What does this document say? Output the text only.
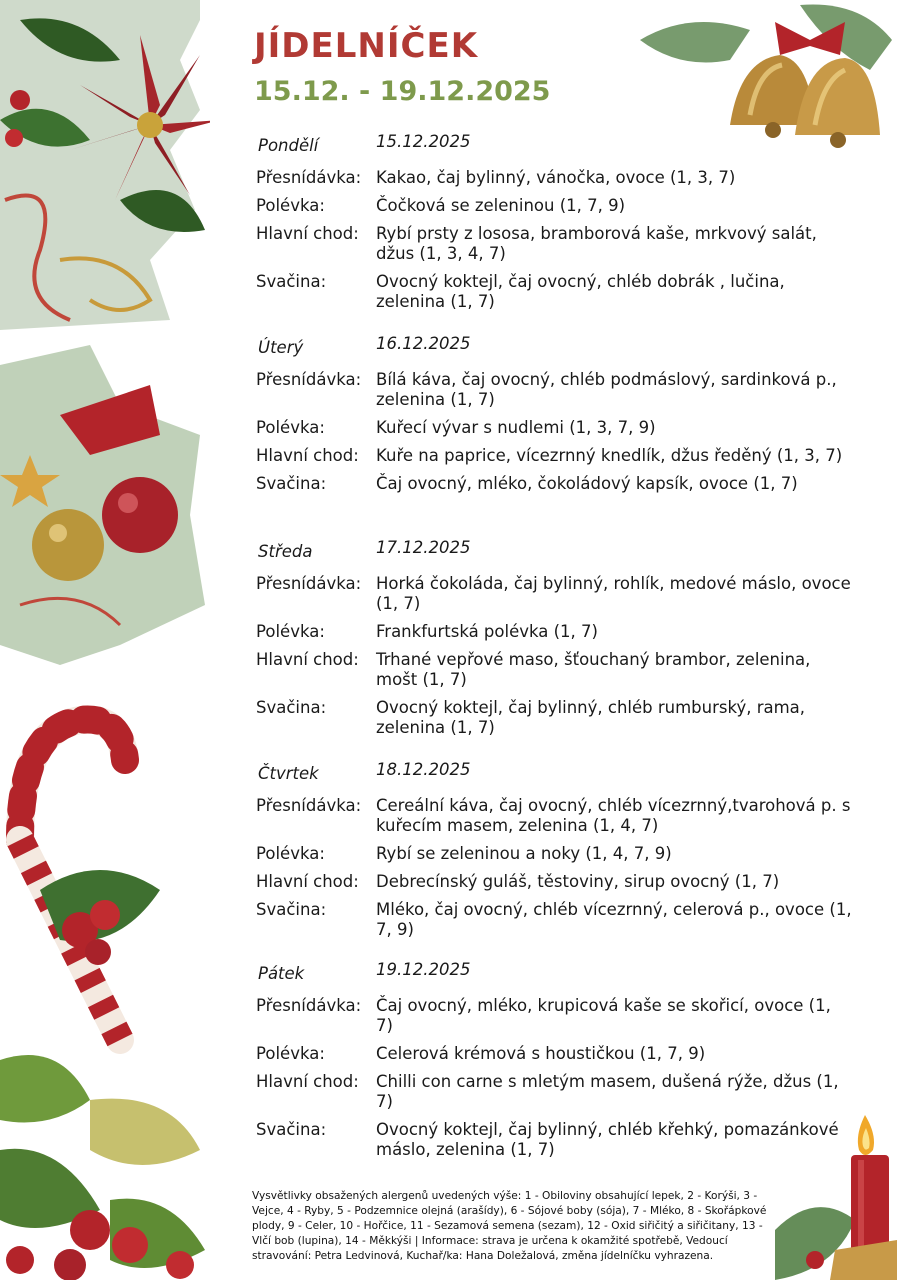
JÍDELNÍČEK
15.12. - 19.12.2025
Pondělí	15.12.2025
Přesnídávka: Kakao, čaj bylinný, vánočka, ovoce (1, 3, 7)
Polévka:	Čočková se zeleninou (1, 7, 9)
Hlavní chod:	Rybí prsty z lososa, bramborová kaše, mrkvový salát, džus (1, 3, 4, 7)
Svačina:	Ovocný koktejl, čaj ovocný, chléb dobrák , lučina, zelenina (1, 7)
Úterý	16.12.2025
Přesnídávka: Bílá káva, čaj ovocný, chléb podmáslový, sardinková p., zelenina (1, 7)
Polévka:	Kuřecí vývar s nudlemi (1, 3, 7, 9)
Hlavní chod:	Kuře na paprice, vícezrnný knedlík, džus ředěný (1, 3, 7)
Svačina:	Čaj ovocný, mléko, čokoládový kapsík, ovoce (1, 7)
Středa	17.12.2025
Přesnídávka: Horká čokoláda, čaj bylinný, rohlík, medové máslo, ovoce (1, 7)
Polévka:	Frankfurtská polévka (1, 7)
Hlavní chod:	Trhané vepřové maso, šťouchaný brambor, zelenina, mošt (1, 7)
Svačina:	Ovocný koktejl, čaj bylinný, chléb rumburský, rama, zelenina (1, 7)
Čtvrtek	18.12.2025
Přesnídávka: Cereální káva, čaj ovocný, chléb vícezrnný,tvarohová p. s kuřecím masem, zelenina (1, 4, 7)
Polévka:	Rybí se zeleninou a noky (1, 4, 7, 9)
Hlavní chod:	Debrecínský guláš, těstoviny, sirup ovocný (1, 7)
Svačina:	Mléko, čaj ovocný, chléb vícezrnný, celerová p., ovoce (1, 7, 9)
Pátek	19.12.2025
Přesnídávka: Čaj ovocný, mléko, krupicová kaše se skořicí, ovoce (1, 7)
Polévka:	Celerová krémová s houstičkou (1, 7, 9)
Hlavní chod:	Chilli con carne s mletým masem, dušená rýže, džus (1, 7)
Svačina:	Ovocný koktejl, čaj bylinný, chléb křehký, pomazánkové máslo, zelenina (1, 7)
Vysvětlivky obsažených alergenů uvedených výše: 1 - Obiloviny obsahující lepek, 2 - Korýši, 3 - Vejce, 4 - Ryby, 5 - Podzemnice olejná (arašídy), 6 - Sójové boby (sója), 7 - Mléko, 8 - Skořápkové plody, 9 - Celer, 10 - Hořčice, 11 - Sezamová semena (sezam), 12 - Oxid siřičitý a siřičitany, 13 - Vlčí bob (lupina), 14 - Měkkýši | Informace: strava je určena k okamžité spotřebě, Vedoucí stravování: Petra Ledvinová, Kuchař/ka: Hana Doležalová, změna jídelníčku vyhrazena.
